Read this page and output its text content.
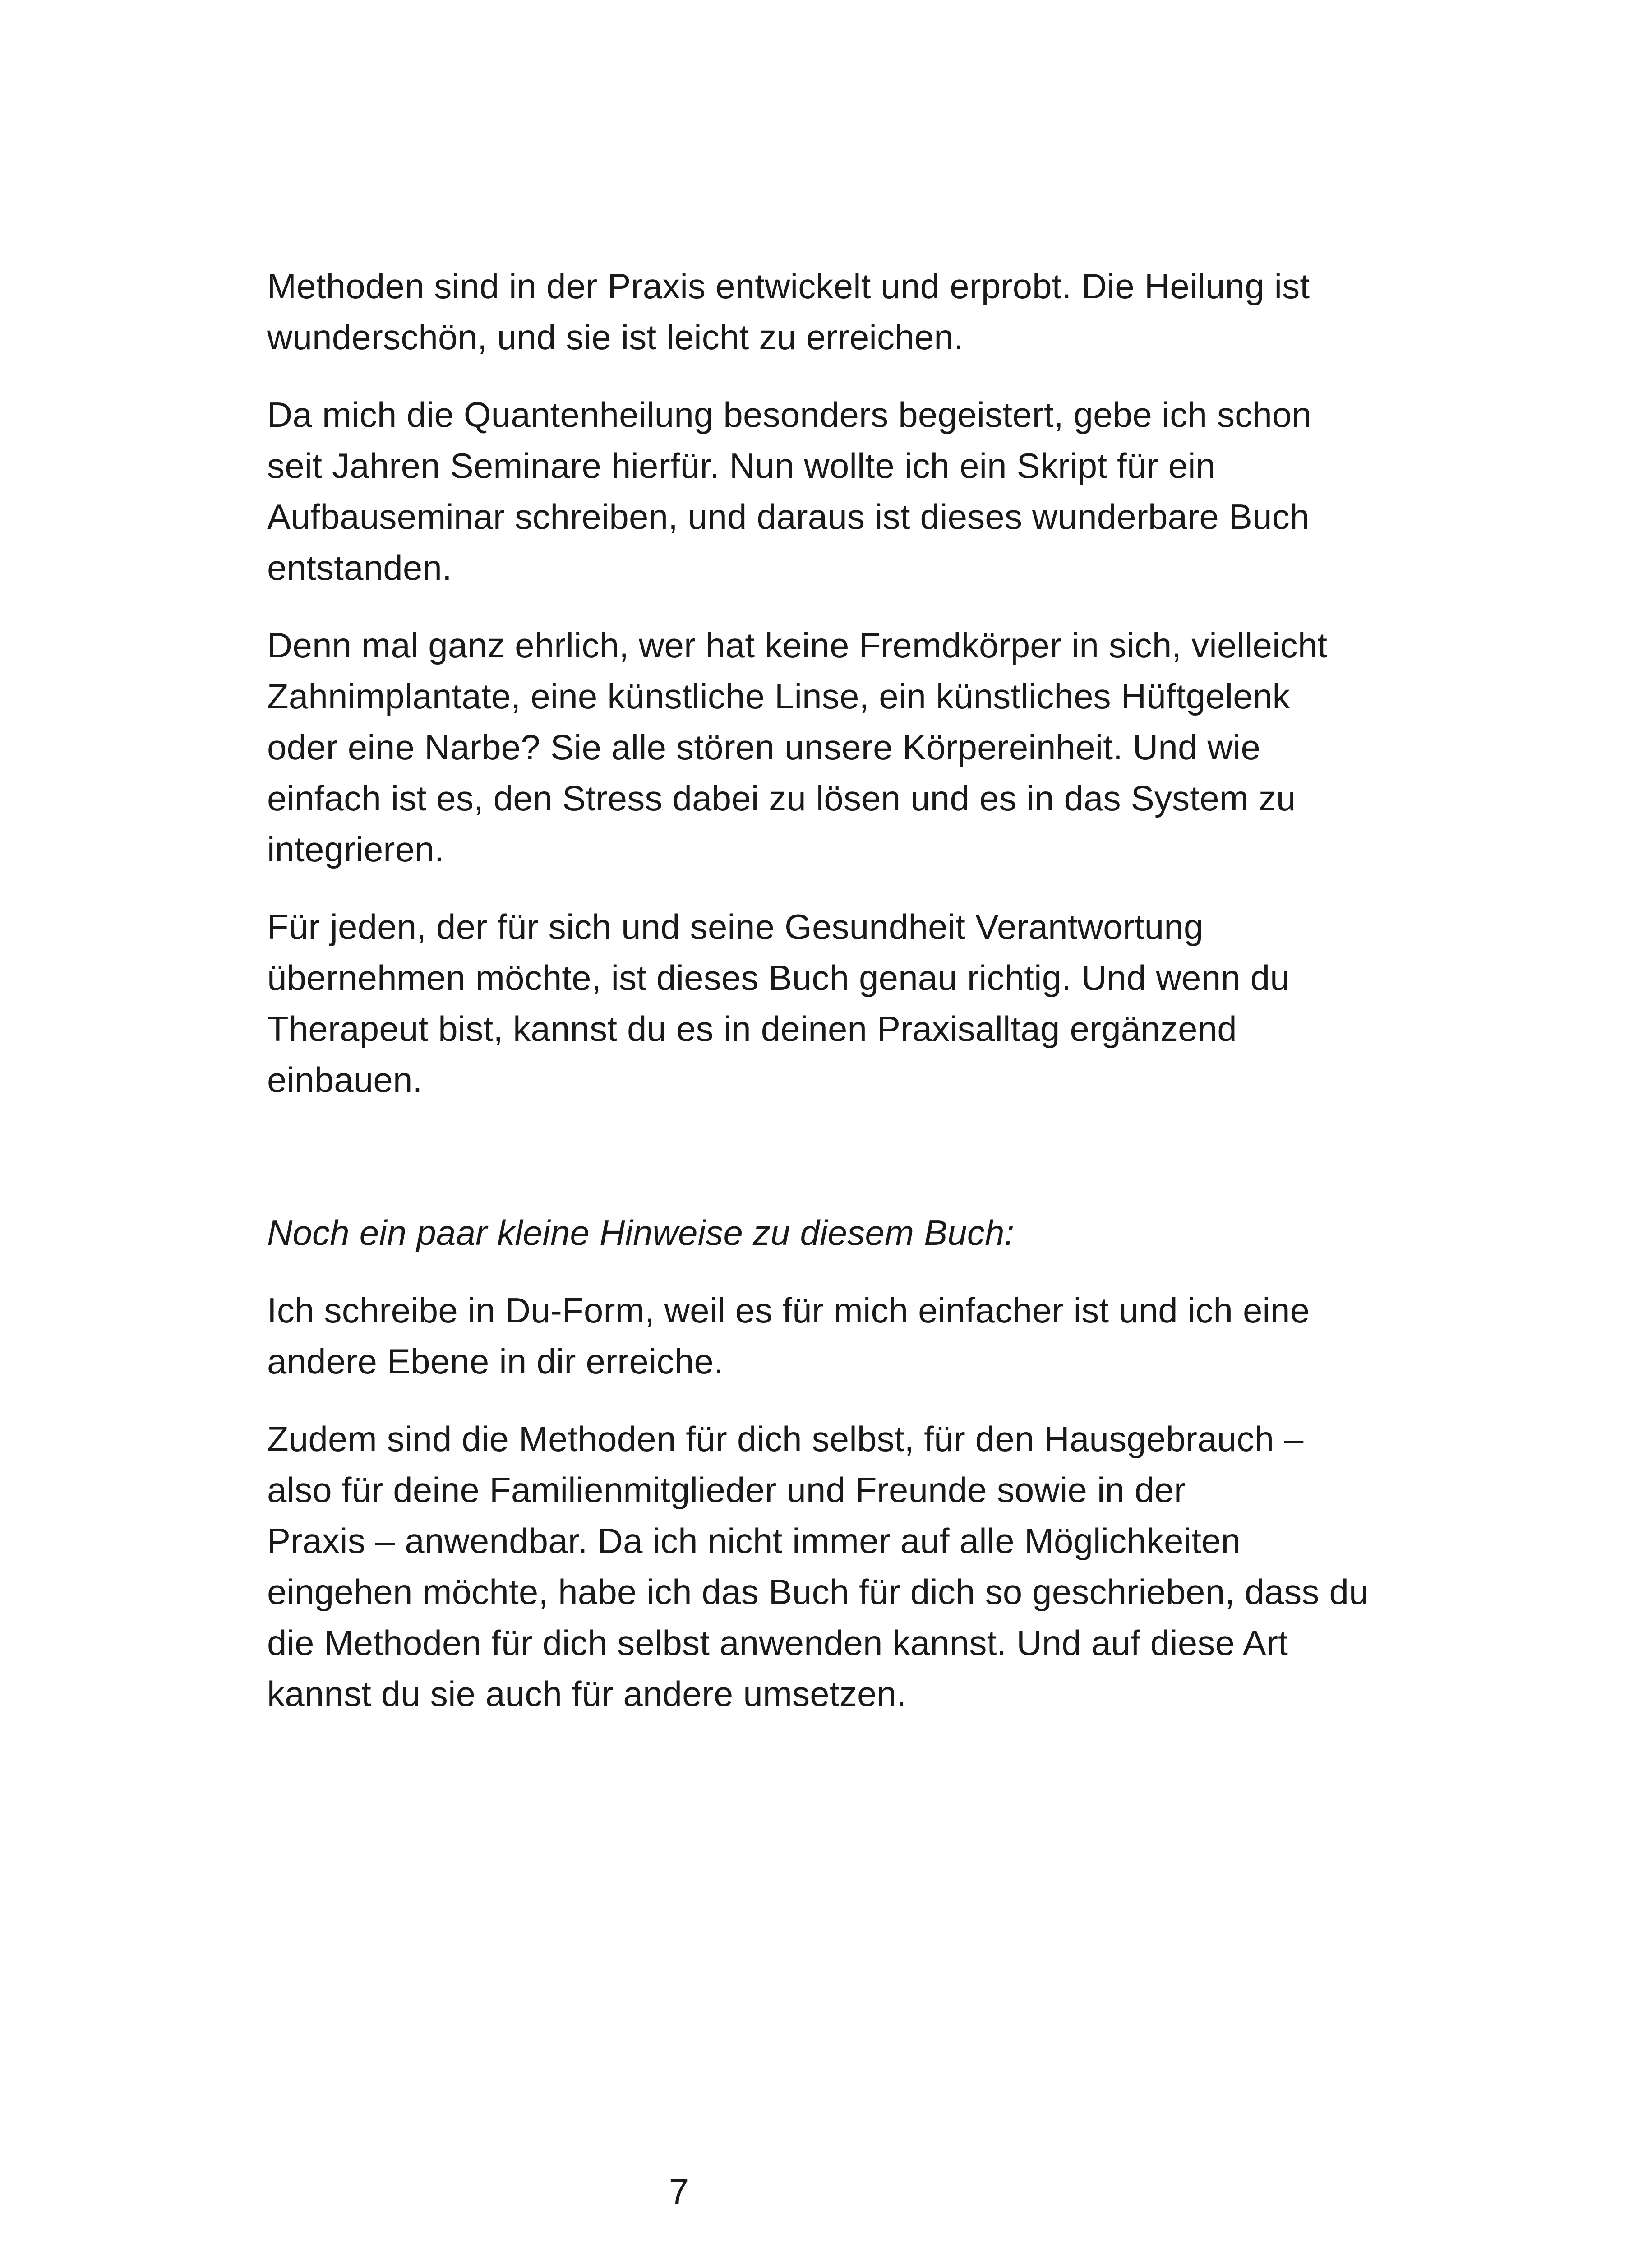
Methoden sind in der Praxis entwickelt und erprobt. Die Heilung ist
wunderschön, und sie ist leicht zu erreichen.

Da mich die Quantenheilung besonders begeistert, gebe ich schon
seit Jahren Seminare hierfür. Nun wollte ich ein Skript für ein
Aufbauseminar schreiben, und daraus ist dieses wunderbare Buch
entstanden.

Denn mal ganz ehrlich, wer hat keine Fremdkörper in sich, vielleicht
Zahnimplantate, eine künstliche Linse, ein künstliches Hüftgelenk
oder eine Narbe? Sie alle stören unsere Körpereinheit. Und wie
einfach ist es, den Stress dabei zu lösen und es in das System zu
integrieren.

Für jeden, der für sich und seine Gesundheit Verantwortung
übernehmen möchte, ist dieses Buch genau richtig. Und wenn du
Therapeut bist, kannst du es in deinen Praxisalltag ergänzend
einbauen.

Noch ein paar kleine Hinweise zu diesem Buch:

Ich schreibe in Du-Form, weil es für mich einfacher ist und ich eine
andere Ebene in dir erreiche.

Zudem sind die Methoden für dich selbst, für den Hausgebrauch –
also für deine Familienmitglieder und Freunde sowie in der
Praxis – anwendbar. Da ich nicht immer auf alle Möglichkeiten
eingehen möchte, habe ich das Buch für dich so geschrieben, dass du
die Methoden für dich selbst anwenden kannst. Und auf diese Art
kannst du sie auch für andere umsetzen.

7
